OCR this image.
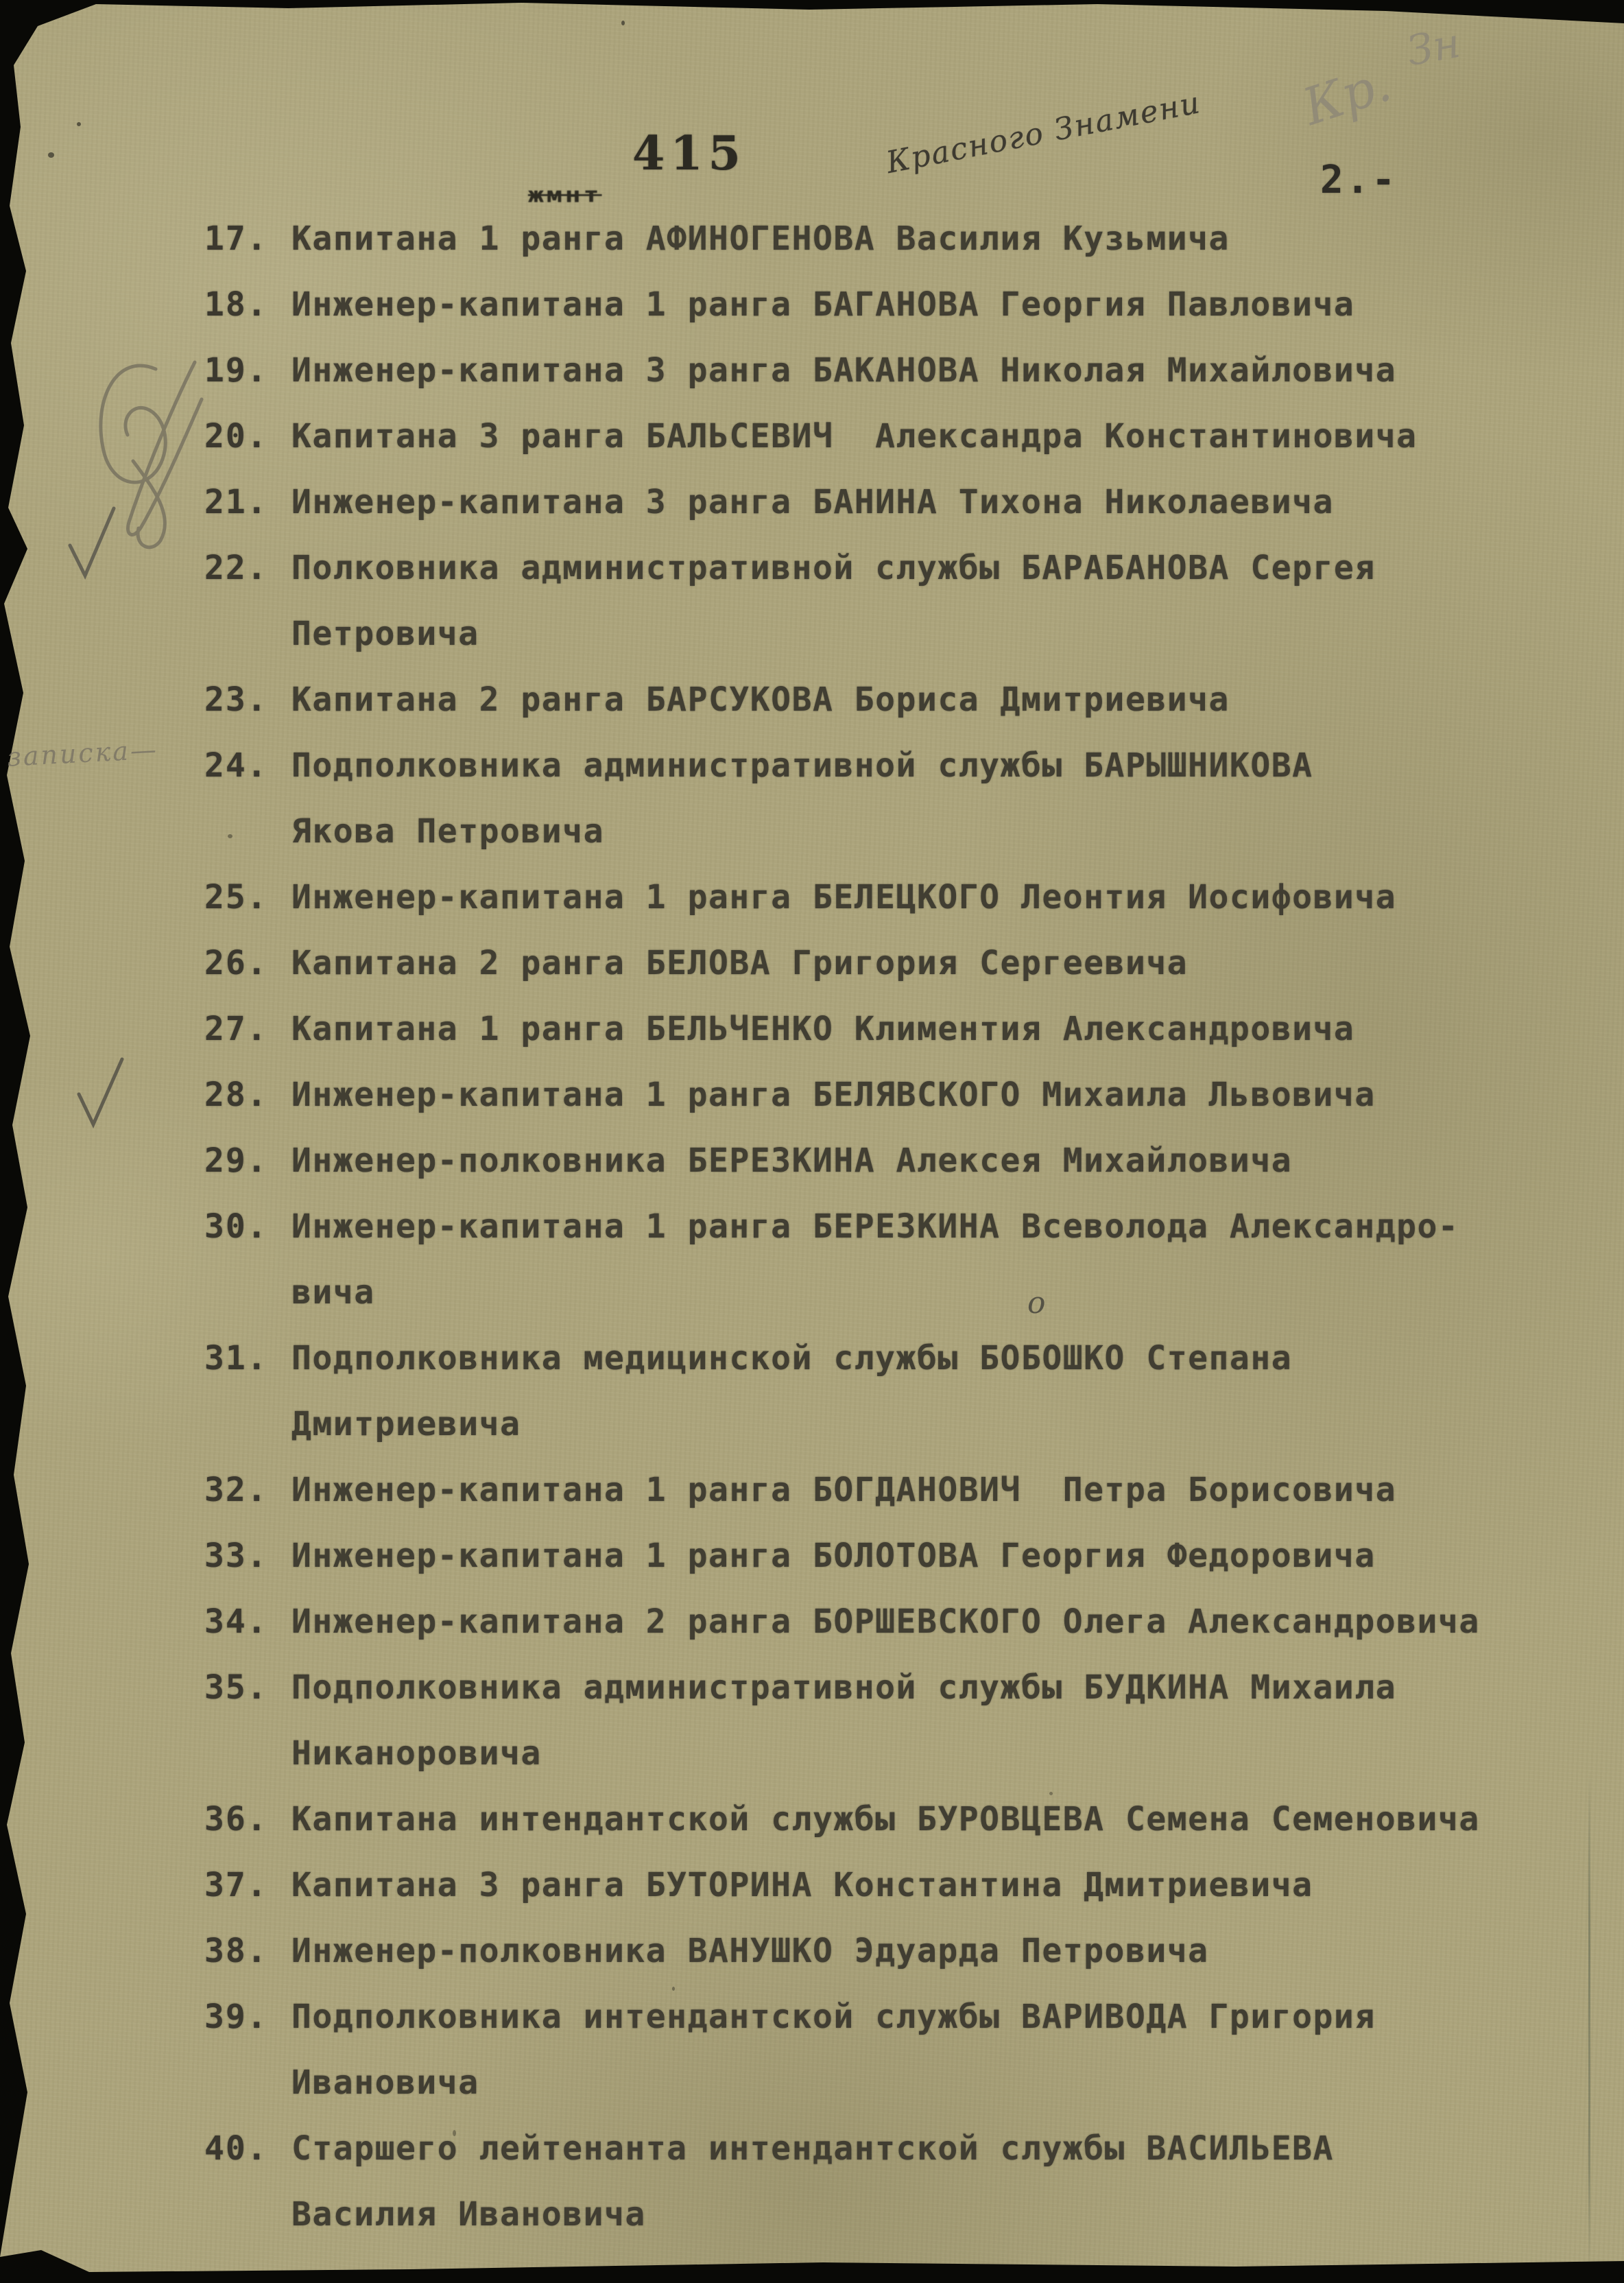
415
жмнт
Красного Знамени	2.-
Кр.
Зн
17. Капитана 1 ранга АФИНОГЕНОВА Василия Кузьмича
18. Инженер-капитана 1 ранга БАГАНОВА Георгия Павловича
19. Инженер-капитана 3 ранга БАКАНОВА Николая Михайловича
20. Капитана 3 ранга БАЛЬСЕВИЧ  Александра Константиновича
21. Инженер-капитана 3 ранга БАНИНА Тихона Николаевича
22. Полковника административной службы БАРАБАНОВА Сергея
Петровича
23. Капитана 2 ранга БАРСУКОВА Бориса Дмитриевича
24. Подполковника административной службы БАРЫШНИКОВА
Якова Петровича
25. Инженер-капитана 1 ранга БЕЛЕЦКОГО Леонтия Иосифовича
26. Капитана 2 ранга БЕЛОВА Григория Сергеевича
27. Капитана 1 ранга БЕЛЬЧЕНКО Климентия Александровича
28. Инженер-капитана 1 ранга БЕЛЯВСКОГО Михаила Львовича
29. Инженер-полковника БЕРЕЗКИНА Алексея Михайловича
30. Инженер-капитана 1 ранга БЕРЕЗКИНА Всеволода Александро-
вича
31. Подполковника медицинской службы БОБОШКО Степана
Дмитриевича
32. Инженер-капитана 1 ранга БОГДАНОВИЧ  Петра Борисовича
33. Инженер-капитана 1 ранга БОЛОТОВА Георгия Федоровича
34. Инженер-капитана 2 ранга БОРШЕВСКОГО Олега Александровича
35. Подполковника административной службы БУДКИНА Михаила
Никаноровича
36. Капитана интендантской службы БУРОВЦЕВА Семена Семеновича
37. Капитана 3 ранга БУТОРИНА Константина Дмитриевича
38. Инженер-полковника ВАНУШКО Эдуарда Петровича
39. Подполковника интендантской службы ВАРИВОДА Григория
Ивановича
40. Старшего лейтенанта интендантской службы ВАСИЛЬЕВА
Василия Ивановича
записка—
о
